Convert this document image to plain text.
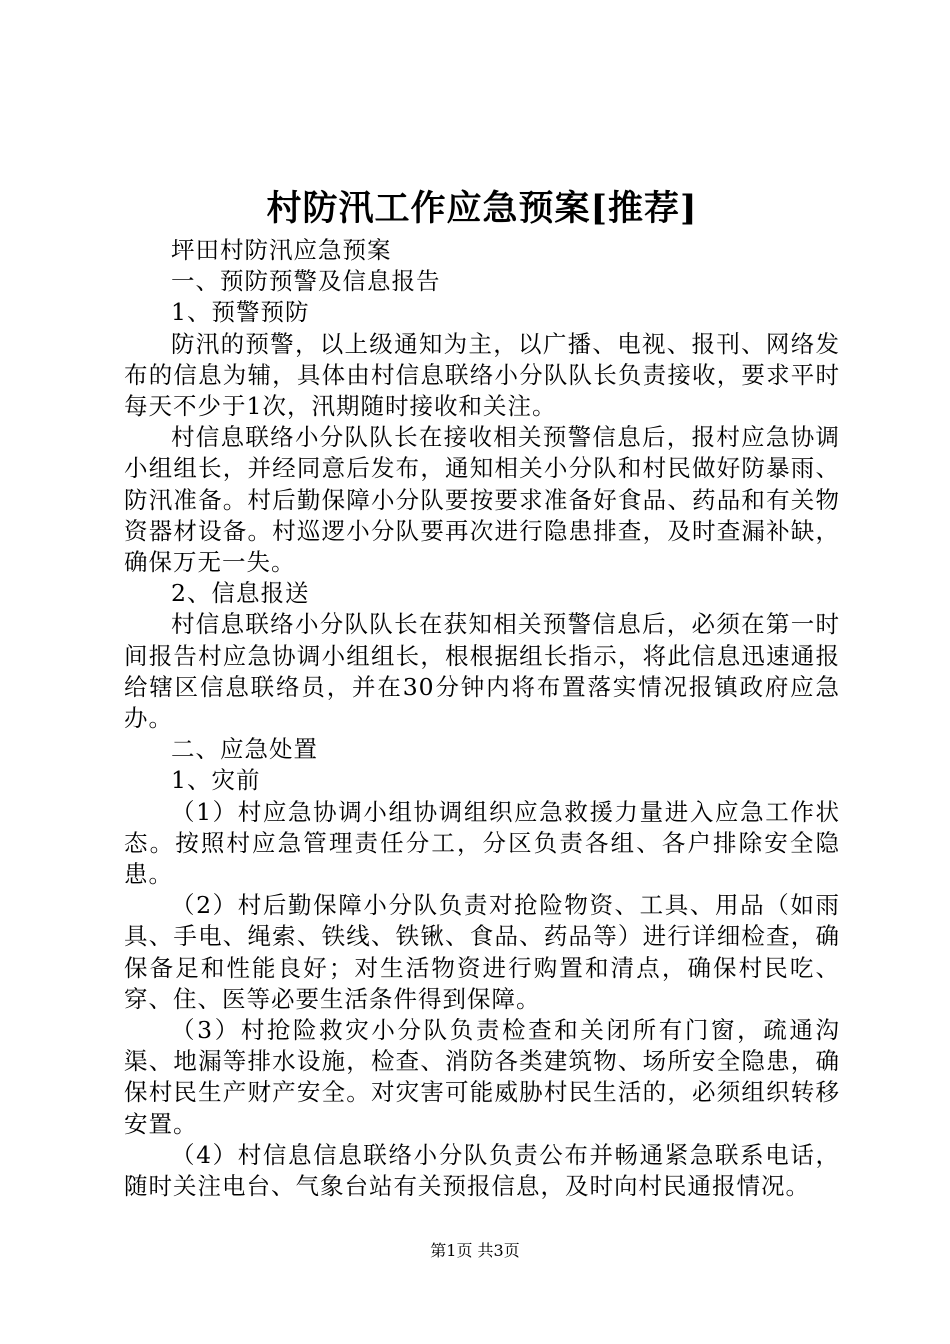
村防汛工作应急预案[推荐]

坪田村防汛应急预案

一、预防预警及信息报告

1、预警预防

防汛的预警，以上级通知为主，以广播、电视、报刊、网络发布的信息为辅，具体由村信息联络小分队队长负责接收，要求平时每天不少于1次，汛期随时接收和关注。

村信息联络小分队队长在接收相关预警信息后，报村应急协调小组组长，并经同意后发布，通知相关小分队和村民做好防暴雨、防汛准备。村后勤保障小分队要按要求准备好食品、药品和有关物资器材设备。村巡逻小分队要再次进行隐患排查，及时查漏补缺，确保万无一失。

2、信息报送

村信息联络小分队队长在获知相关预警信息后，必须在第一时间报告村应急协调小组组长，根根据组长指示，将此信息迅速通报给辖区信息联络员，并在30分钟内将布置落实情况报镇政府应急办。

二、应急处置

1、灾前

（1）村应急协调小组协调组织应急救援力量进入应急工作状态。按照村应急管理责任分工，分区负责各组、各户排除安全隐患。

（2）村后勤保障小分队负责对抢险物资、工具、用品（如雨具、手电、绳索、铁线、铁锹、食品、药品等）进行详细检查，确保备足和性能良好；对生活物资进行购置和清点，确保村民吃、穿、住、医等必要生活条件得到保障。

（3）村抢险救灾小分队负责检查和关闭所有门窗，疏通沟渠、地漏等排水设施，检查、消防各类建筑物、场所安全隐患，确保村民生产财产安全。对灾害可能威胁村民生活的，必须组织转移安置。

（4）村信息信息联络小分队负责公布并畅通紧急联系电话，随时关注电台、气象台站有关预报信息，及时向村民通报情况。

第1页 共3页
